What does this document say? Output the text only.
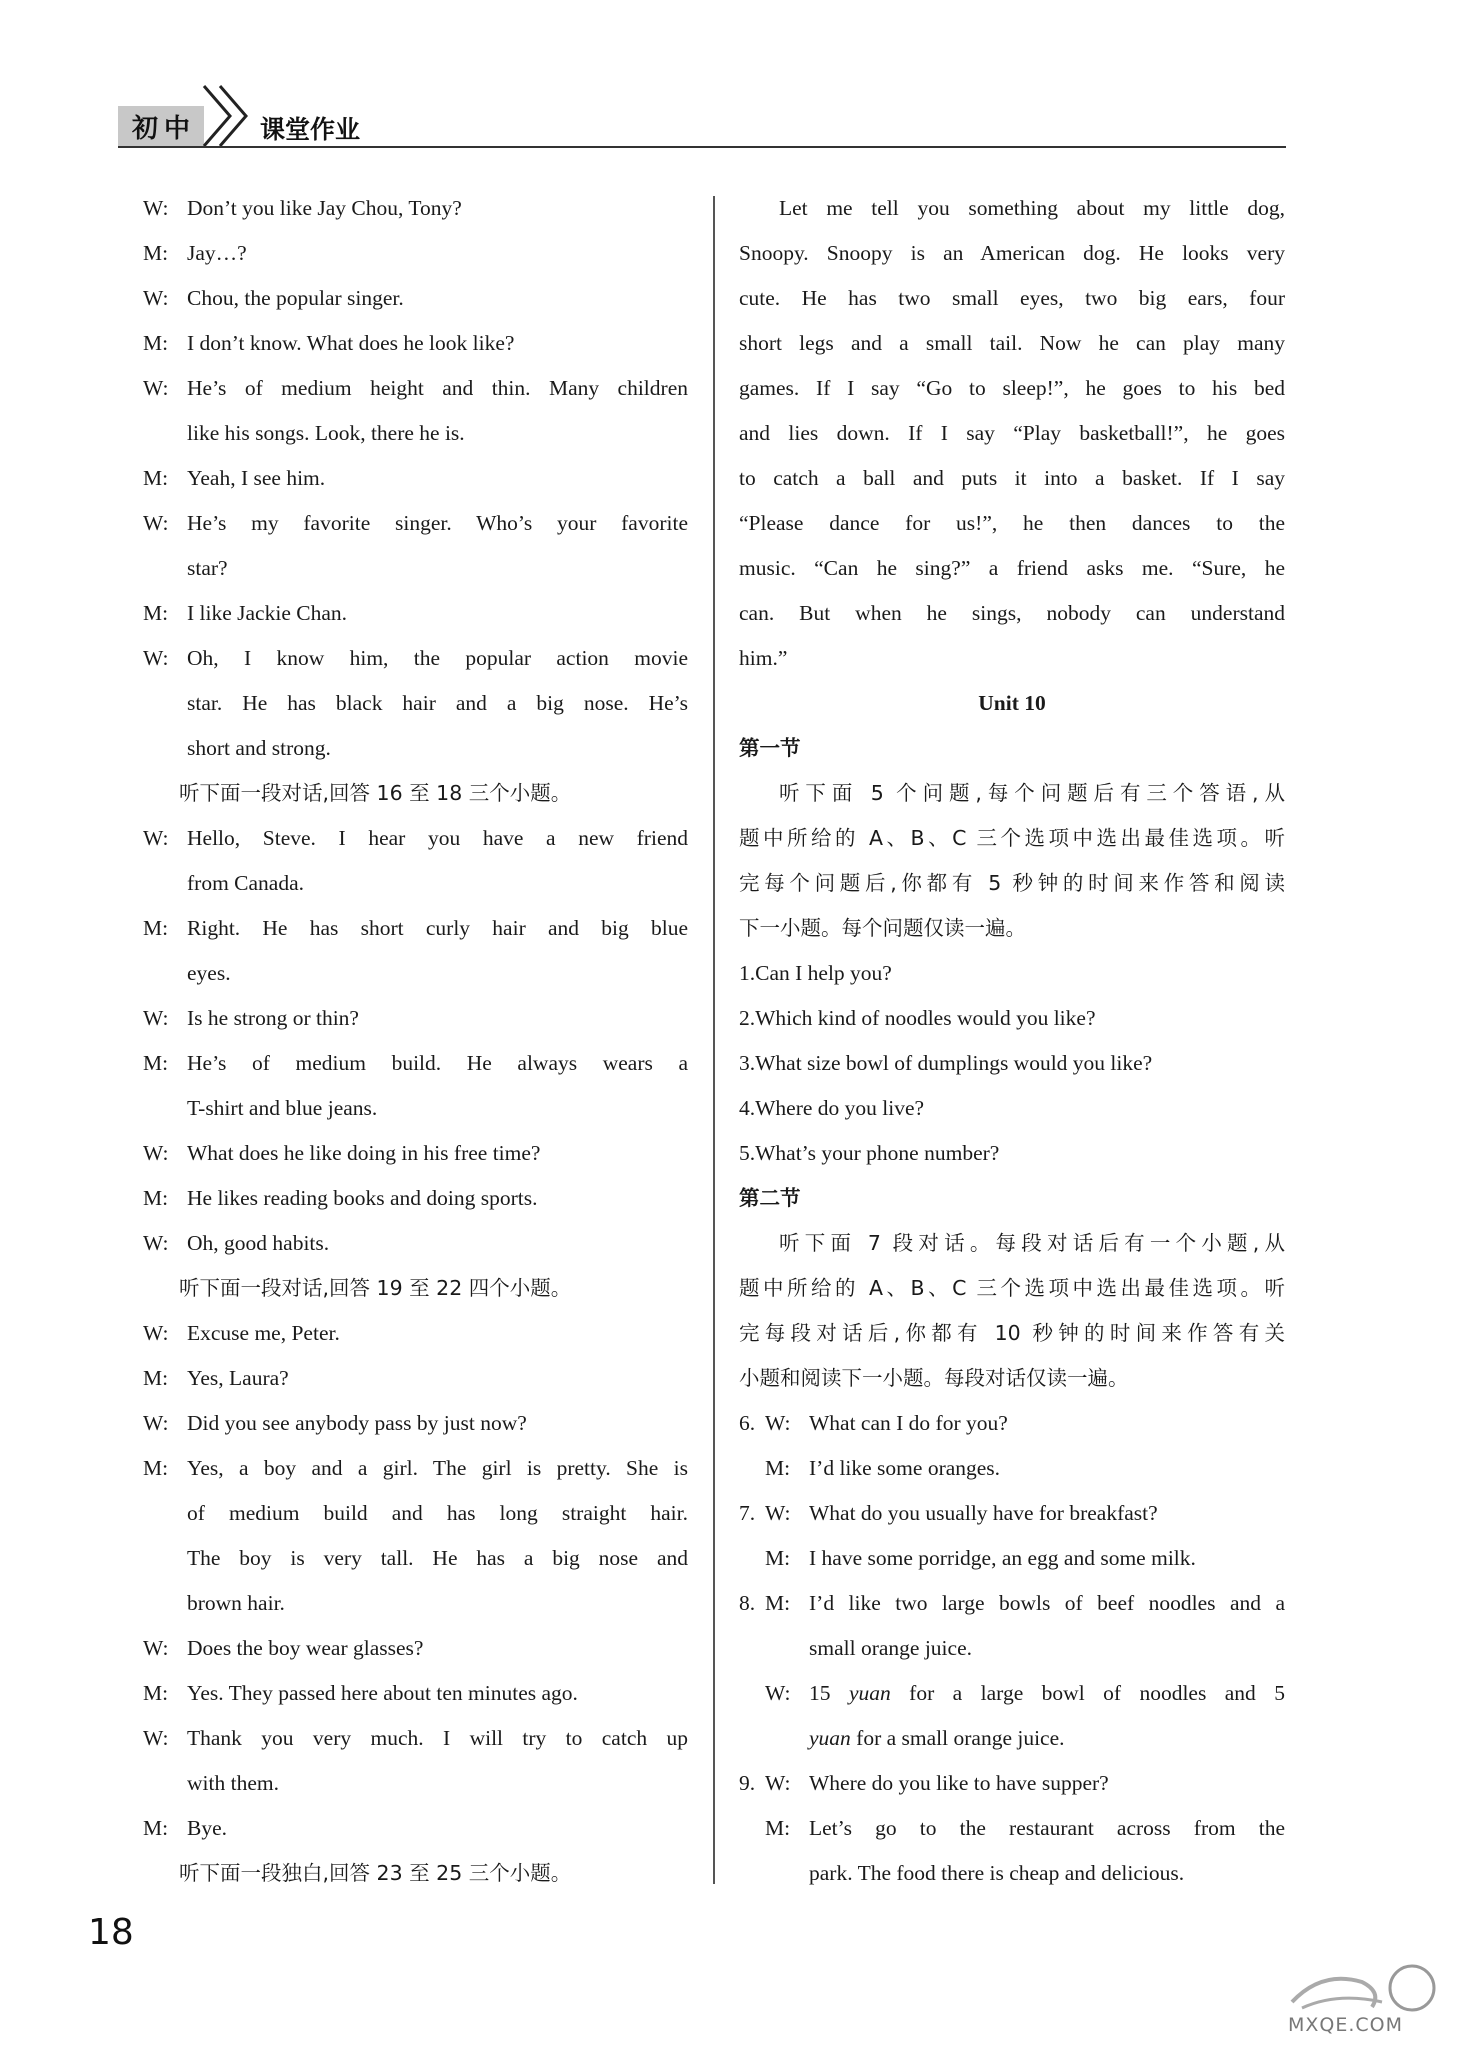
初中	课堂作业
W: Don’t you like Jay Chou, Tony?
M: Jay…?
W: Chou, the popular singer.
M: I don’t know. What does he look like?
W: He’s of medium height and thin. Many children
like his songs. Look, there he is.
M: Yeah, I see him.
W: He’s my favorite singer. Who’s your favorite
star?
M: I like Jackie Chan.
W: Oh, I know him, the popular action movie
star. He has black hair and a big nose. He’s
short and strong.
听下面一段对话,回答 16 至 18 三个小题。
W: Hello, Steve. I hear you have a new friend
from Canada.
M: Right. He has short curly hair and big blue
eyes.
W: Is he strong or thin?
M: He’s of medium build. He always wears a
T-shirt and blue jeans.
W: What does he like doing in his free time?
M: He likes reading books and doing sports.
W: Oh, good habits.
听下面一段对话,回答 19 至 22 四个小题。
W: Excuse me, Peter.
M: Yes, Laura?
W: Did you see anybody pass by just now?
M: Yes, a boy and a girl. The girl is pretty. She is
of medium build and has long straight hair.
The boy is very tall. He has a big nose and
brown hair.
W: Does the boy wear glasses?
M: Yes. They passed here about ten minutes ago.
W: Thank you very much. I will try to catch up
with them.
M: Bye.
听下面一段独白,回答 23 至 25 三个小题。
Let me tell you something about my little dog,
Snoopy. Snoopy is an American dog. He looks very
cute. He has two small eyes, two big ears, four
short legs and a small tail. Now he can play many
games. If I say “Go to sleep!”, he goes to his bed
and lies down. If I say “Play basketball!”, he goes
to catch a ball and puts it into a basket. If I say
“Please dance for us!”, he then dances to the
music. “Can he sing?” a friend asks me. “Sure, he
can. But when he sings, nobody can understand
him.”
Unit 10
第一节
听下面 5 个问题,每个问题后有三个答语,从
题中所给的 A、B、C 三个选项中选出最佳选项。听
完每个问题后,你都有 5 秒钟的时间来作答和阅读
下一小题。每个问题仅读一遍。
1.Can I help you?
2.Which kind of noodles would you like?
3.What size bowl of dumplings would you like?
4.Where do you live?
5.What’s your phone number?
第二节
听下面 7 段对话。每段对话后有一个小题,从
题中所给的 A、B、C 三个选项中选出最佳选项。听
完每段对话后,你都有 10 秒钟的时间来作答有关
小题和阅读下一小题。每段对话仅读一遍。
6. W: What can I do for you?
M: I’d like some oranges.
7. W: What do you usually have for breakfast?
M: I have some porridge, an egg and some milk.
8. M: I’d like two large bowls of beef noodles and a
small orange juice.
W: 15 yuan for a large bowl of noodles and 5
yuan for a small orange juice.
9. W: Where do you like to have supper?
M: Let’s go to the restaurant across from the
park. The food there is cheap and delicious.
18
MXQE.COM
